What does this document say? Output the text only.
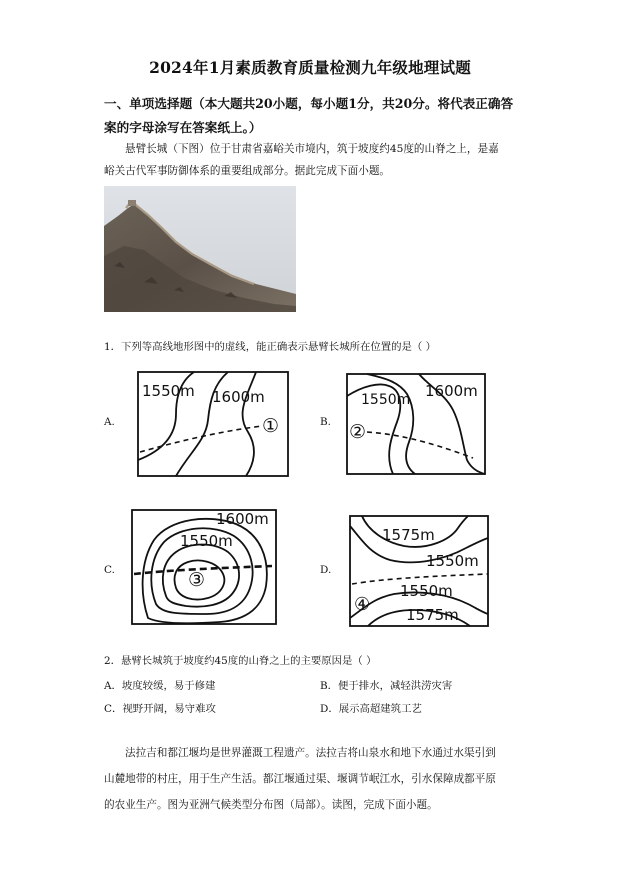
2024年1月素质教育质量检测九年级地理试题
一、单项选择题（本大题共20小题，每小题1分，共20分。将代表正确答
案的字母涂写在答案纸上。）
悬臂长城（下图）位于甘肃省嘉峪关市境内，筑于坡度约45度的山脊之上，是嘉
峪关古代军事防御体系的重要组成部分。据此完成下面小题。
1．下列等高线地形图中的虚线，能正确表示悬臂长城所在位置的是（ ）
A.
1550m 1600m
①	B.
1550m 1600m
②
C.
1600m
1550m
③	D.
1575m
1550m
1550m
1575m
④
2．悬臂长城筑于坡度约45度的山脊之上的主要原因是（ ）
A．坡度较缓，易于修建	B．便于排水，减轻洪涝灾害
C．视野开阔，易守难攻	D．展示高超建筑工艺
法拉吉和都江堰均是世界灌溉工程遗产。法拉吉将山泉水和地下水通过水渠引到
山麓地带的村庄，用于生产生活。都江堰通过渠、堰调节岷江水，引水保障成都平原
的农业生产。图为亚洲气候类型分布图（局部）。读图，完成下面小题。
